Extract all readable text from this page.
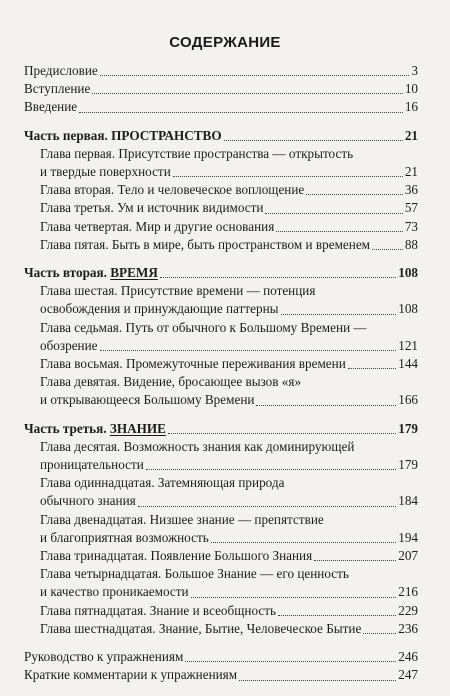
СОДЕРЖАНИЕ
Предисловие	3
Вступление	10
Введение	16
Часть первая. ПРОСТРАНСТВО	21
Глава первая. Присутствие пространства — открытость
и твердые поверхности	21
Глава вторая. Тело и человеческое воплощение	36
Глава третья. Ум и источник видимости	57
Глава четвертая. Мир и другие основания	73
Глава пятая. Быть в мире, быть пространством и временем	88
Часть вторая. ВРЕМЯ	108
Глава шестая. Присутствие времени — потенция
освобождения и принуждающие паттерны	108
Глава седьмая. Путь от обычного к Большому Времени —
обозрение	121
Глава восьмая. Промежуточные переживания времени	144
Глава девятая. Видение, бросающее вызов «я»
и открывающееся Большому Времени	166
Часть третья. ЗНАНИЕ	179
Глава десятая. Возможность знания как доминирующей
проницательности	179
Глава одиннадцатая. Затемняющая природа
обычного знания	184
Глава двенадцатая. Низшее знание — препятствие
и благоприятная возможность	194
Глава тринадцатая. Появление Большого Знания	207
Глава четырнадцатая. Большое Знание — его ценность
и качество проникаемости	216
Глава пятнадцатая. Знание и всеобщность	229
Глава шестнадцатая. Знание, Бытие, Человеческое Бытие	236
Руководство к упражнениям	246
Краткие комментарии к упражнениям	247
